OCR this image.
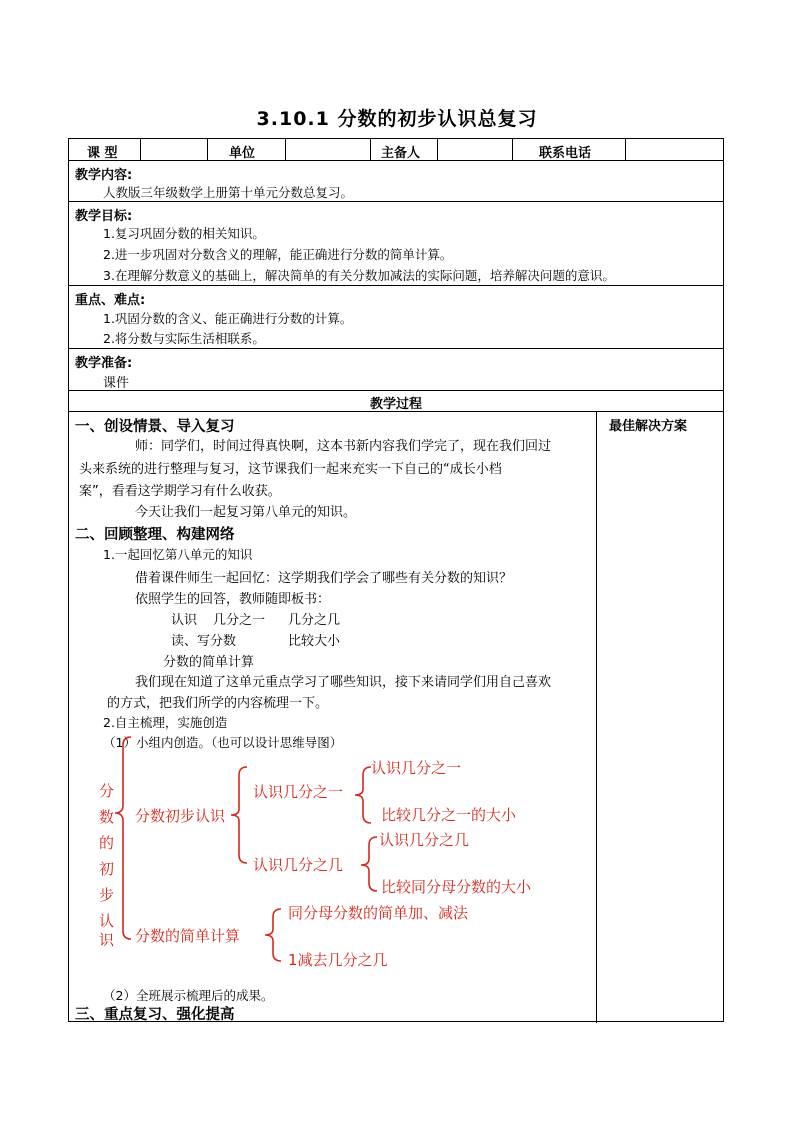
3.10.1 分数的初步认识总复习
课 型	单位	主备人	联系电话
教学内容:
人教版三年级数学上册第十单元分数总复习。
教学目标:
1.复习巩固分数的相关知识。
2.进一步巩固对分数含义的理解，能正确进行分数的简单计算。
3.在理解分数意义的基础上，解决简单的有关分数加减法的实际问题，培养解决问题的意识。
重点、难点:
1.巩固分数的含义、能正确进行分数的计算。
2.将分数与实际生活相联系。
教学准备:
课件
教学过程
最佳解决方案
一、创设情景、导入复习
师：同学们，时间过得真快啊，这本书新内容我们学完了，现在我们回过
头来系统的进行整理与复习，这节课我们一起来充实一下自己的“成长小档
案”，看看这学期学习有什么收获。
今天让我们一起复习第八单元的知识。
二、回顾整理、构建网络
1.一起回忆第八单元的知识
借着课件师生一起回忆：这学期我们学会了哪些有关分数的知识？
依照学生的回答，教师随即板书：
认识 几分之一 几分之几
读、写分数	比较大小
分数的简单计算
我们现在知道了这单元重点学习了哪些知识，接下来请同学们用自己喜欢
的方式，把我们所学的内容梳理一下。
2.自主梳理，实施创造
（1）小组内创造。（也可以设计思维导图）
分
数
的
初
步
认
识
分数初步认识
认识几分之一
认识几分之一
比较几分之一的大小
认识几分之几
认识几分之几
比较同分母分数的大小
分数的简单计算
同分母分数的简单加、减法
1减去几分之几
（2）全班展示梳理后的成果。
三、重点复习、强化提高
